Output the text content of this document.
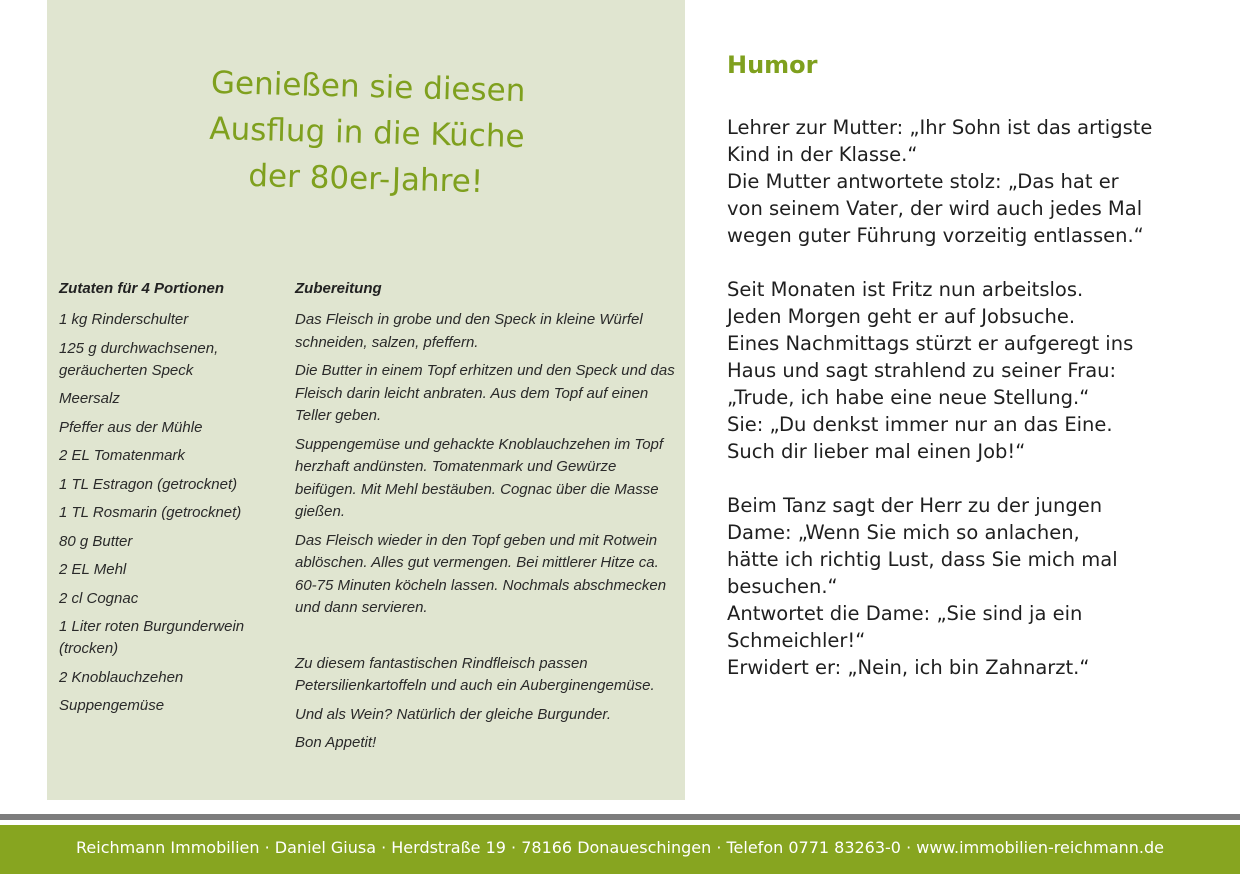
Genießen sie diesen
Ausflug in die Küche
der 80er-Jahre!

Zutaten für 4 Portionen

1 kg Rinderschulter
125 g durchwachsenen, geräucherten Speck
Meersalz
Pfeffer aus der Mühle
2 EL Tomatenmark
1 TL Estragon (getrocknet)
1 TL Rosmarin (getrocknet)
80 g Butter
2 EL Mehl
2 cl Cognac
1 Liter roten Burgunderwein (trocken)
2 Knoblauchzehen
Suppengemüse

Zubereitung

Das Fleisch in grobe und den Speck in kleine Würfel schneiden, salzen, pfeffern.

Die Butter in einem Topf erhitzen und den Speck und das Fleisch darin leicht anbraten. Aus dem Topf auf einen Teller geben.

Suppengemüse und gehackte Knoblauchzehen im Topf herzhaft andünsten. Tomatenmark und Gewürze beifügen. Mit Mehl bestäuben. Cognac über die Masse gießen.

Das Fleisch wieder in den Topf geben und mit Rotwein ablöschen. Alles gut vermengen. Bei mittlerer Hitze ca. 60-75 Minuten köcheln lassen. Nochmals abschmecken und dann servieren.

Zu diesem fantastischen Rindfleisch passen Petersilienkartoffeln und auch ein Auberginengemüse.

Und als Wein? Natürlich der gleiche Burgunder.

Bon Appetit!

Humor
Lehrer zur Mutter: „Ihr Sohn ist das artigste
Kind in der Klasse.“
Die Mutter antwortete stolz: „Das hat er
von seinem Vater, der wird auch jedes Mal
wegen guter Führung vorzeitig entlassen.“
Seit Monaten ist Fritz nun arbeitslos.
Jeden Morgen geht er auf Jobsuche.
Eines Nachmittags stürzt er aufgeregt ins
Haus und sagt strahlend zu seiner Frau:
„Trude, ich habe eine neue Stellung.“
Sie: „Du denkst immer nur an das Eine.
Such dir lieber mal einen Job!“
Beim Tanz sagt der Herr zu der jungen
Dame: „Wenn Sie mich so anlachen,
hätte ich richtig Lust, dass Sie mich mal
besuchen.“
Antwortet die Dame: „Sie sind ja ein
Schmeichler!“
Erwidert er: „Nein, ich bin Zahnarzt.“
Reichmann Immobilien · Daniel Giusa · Herdstraße 19 · 78166 Donaueschingen · Telefon 0771 83263-0 · www.immobilien-reichmann.de
